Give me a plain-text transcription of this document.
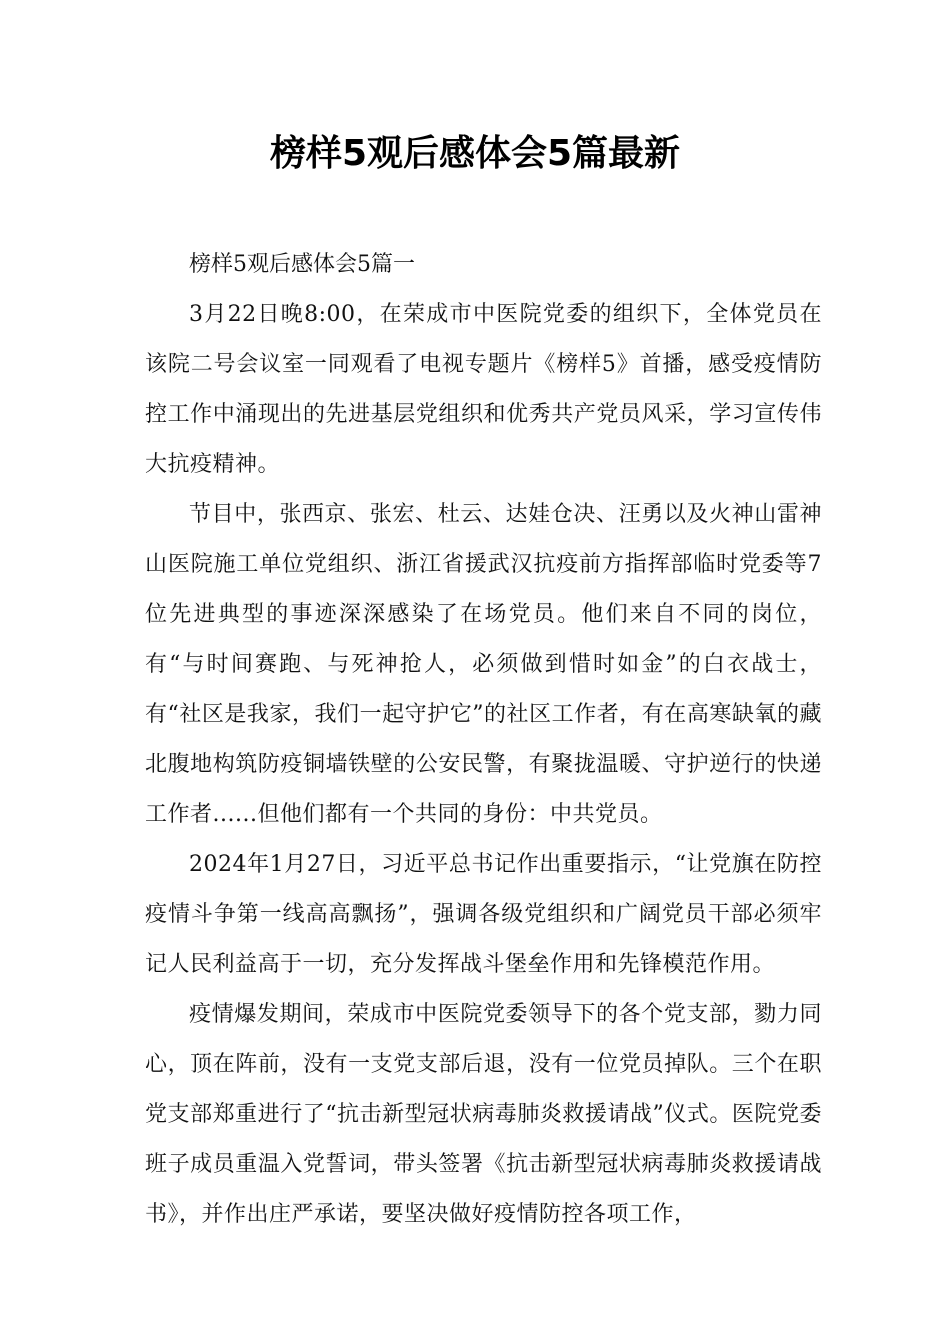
榜样5观后感体会5篇最新

榜样5观后感体会5篇一

3月22日晚8:00，在荣成市中医院党委的组织下，全体党员在该院二号会议室一同观看了电视专题片《榜样5》首播，感受疫情防控工作中涌现出的先进基层党组织和优秀共产党员风采，学习宣传伟大抗疫精神。

节目中，张西京、张宏、杜云、达娃仓决、汪勇以及火神山雷神山医院施工单位党组织、浙江省援武汉抗疫前方指挥部临时党委等7位先进典型的事迹深深感染了在场党员。他们来自不同的岗位，有“与时间赛跑、与死神抢人，必须做到惜时如金”的白衣战士，有“社区是我家，我们一起守护它”的社区工作者，有在高寒缺氧的藏北腹地构筑防疫铜墙铁壁的公安民警，有聚拢温暖、守护逆行的快递工作者......但他们都有一个共同的身份：中共党员。

2024年1月27日，习近平总书记作出重要指示，“让党旗在防控疫情斗争第一线高高飘扬”，强调各级党组织和广阔党员干部必须牢记人民利益高于一切，充分发挥战斗堡垒作用和先锋模范作用。

疫情爆发期间，荣成市中医院党委领导下的各个党支部，勠力同心，顶在阵前，没有一支党支部后退，没有一位党员掉队。三个在职党支部郑重进行了“抗击新型冠状病毒肺炎救援请战”仪式。医院党委班子成员重温入党誓词，带头签署《抗击新型冠状病毒肺炎救援请战书》，并作出庄严承诺，要坚决做好疫情防控各项工作，
